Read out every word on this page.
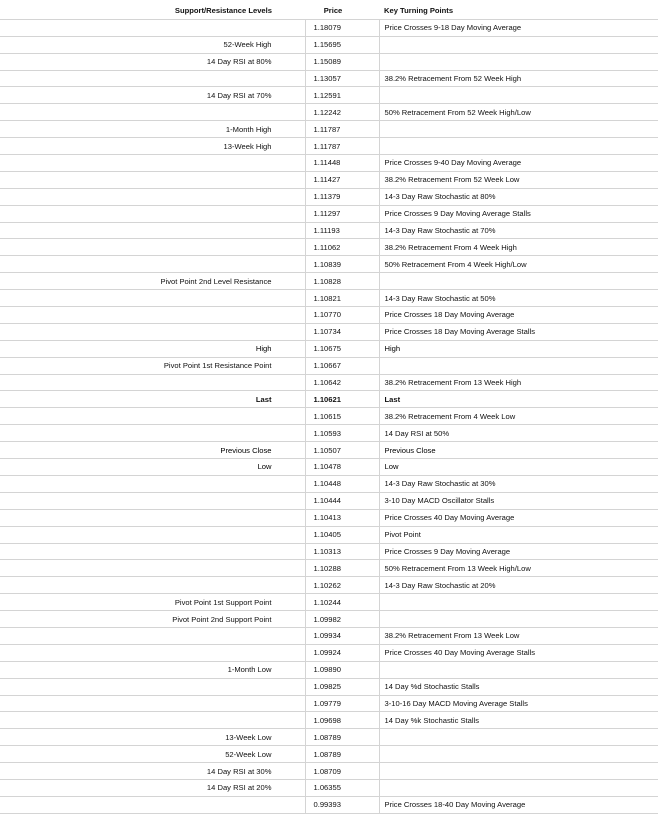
Support/Resistance Levels	Price	Key Turning Points
	1.18079	Price Crosses 9-18 Day Moving Average
52-Week High	1.15695	
14 Day RSI at 80%	1.15089	
	1.13057	38.2% Retracement From 52 Week High
14 Day RSI at 70%	1.12591	
	1.12242	50% Retracement From 52 Week High/Low
1-Month High	1.11787	
13-Week High	1.11787	
	1.11448	Price Crosses 9-40 Day Moving Average
	1.11427	38.2% Retracement From 52 Week Low
	1.11379	14-3 Day Raw Stochastic at 80%
	1.11297	Price Crosses 9 Day Moving Average Stalls
	1.11193	14-3 Day Raw Stochastic at 70%
	1.11062	38.2% Retracement From 4 Week High
	1.10839	50% Retracement From 4 Week High/Low
Pivot Point 2nd Level Resistance	1.10828	
	1.10821	14-3 Day Raw Stochastic at 50%
	1.10770	Price Crosses 18 Day Moving Average
	1.10734	Price Crosses 18 Day Moving Average Stalls
High	1.10675	High
Pivot Point 1st Resistance Point	1.10667	
	1.10642	38.2% Retracement From 13 Week High
Last	1.10621	Last
	1.10615	38.2% Retracement From 4 Week Low
	1.10593	14 Day RSI at 50%
Previous Close	1.10507	Previous Close
Low	1.10478	Low
	1.10448	14-3 Day Raw Stochastic at 30%
	1.10444	3-10 Day MACD Oscillator Stalls
	1.10413	Price Crosses 40 Day Moving Average
	1.10405	Pivot Point
	1.10313	Price Crosses 9 Day Moving Average
	1.10288	50% Retracement From 13 Week High/Low
	1.10262	14-3 Day Raw Stochastic at 20%
Pivot Point 1st Support Point	1.10244	
Pivot Point 2nd Support Point	1.09982	
	1.09934	38.2% Retracement From 13 Week Low
	1.09924	Price Crosses 40 Day Moving Average Stalls
1-Month Low	1.09890	
	1.09825	14 Day %d Stochastic Stalls
	1.09779	3-10-16 Day MACD Moving Average Stalls
	1.09698	14 Day %k Stochastic Stalls
13-Week Low	1.08789	
52-Week Low	1.08789	
14 Day RSI at 30%	1.08709	
14 Day RSI at 20%	1.06355	
	0.99393	Price Crosses 18-40 Day Moving Average
